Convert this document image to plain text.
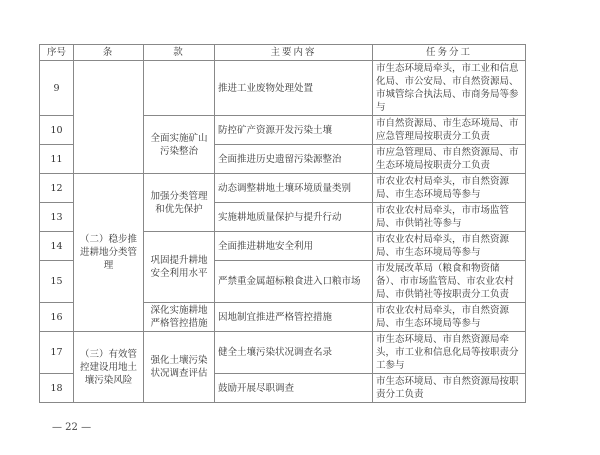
序号	条	款	主要内容	任务分工
9			推进工业废物处理处置	市生态环境局牵头，市工业和信息化局、市公安局、市自然资源局、市城管综合执法局、市商务局等参与
10		全面实施矿山污染整治	防控矿产资源开发污染土壤	市自然资源局、市生态环境局、市应急管理局按职责分工负责
11			全面推进历史遗留污染源整治	市应急管理局、市自然资源局、市生态环境局按职责分工负责
12	（二）稳步推进耕地分类管理	加强分类管理和优先保护	动态调整耕地土壤环境质量类别	市农业农村局牵头，市自然资源局、市生态环境局等参与
13			实施耕地质量保护与提升行动	市农业农村局牵头，市市场监管局、市供销社等参与
14		巩固提升耕地安全利用水平	全面推进耕地安全利用	市农业农村局牵头，市自然资源局、市生态环境局等参与
15			严禁重金属超标粮食进入口粮市场	市发展改革局（粮食和物资储备）、市市场监管局、市农业农村局、市供销社等按职责分工负责
16		深化实施耕地严格管控措施	因地制宜推进严格管控措施	市农业农村局牵头，市自然资源局、市生态环境局等参与
17	（三）有效管控建设用地土壤污染风险	强化土壤污染状况调查评估	健全土壤污染状况调查名录	市生态环境局、市自然资源局牵头，市工业和信息化局等按职责分工参与
18			鼓励开展尽职调查	市生态环境局、市自然资源局按职责分工负责
— 22 —
